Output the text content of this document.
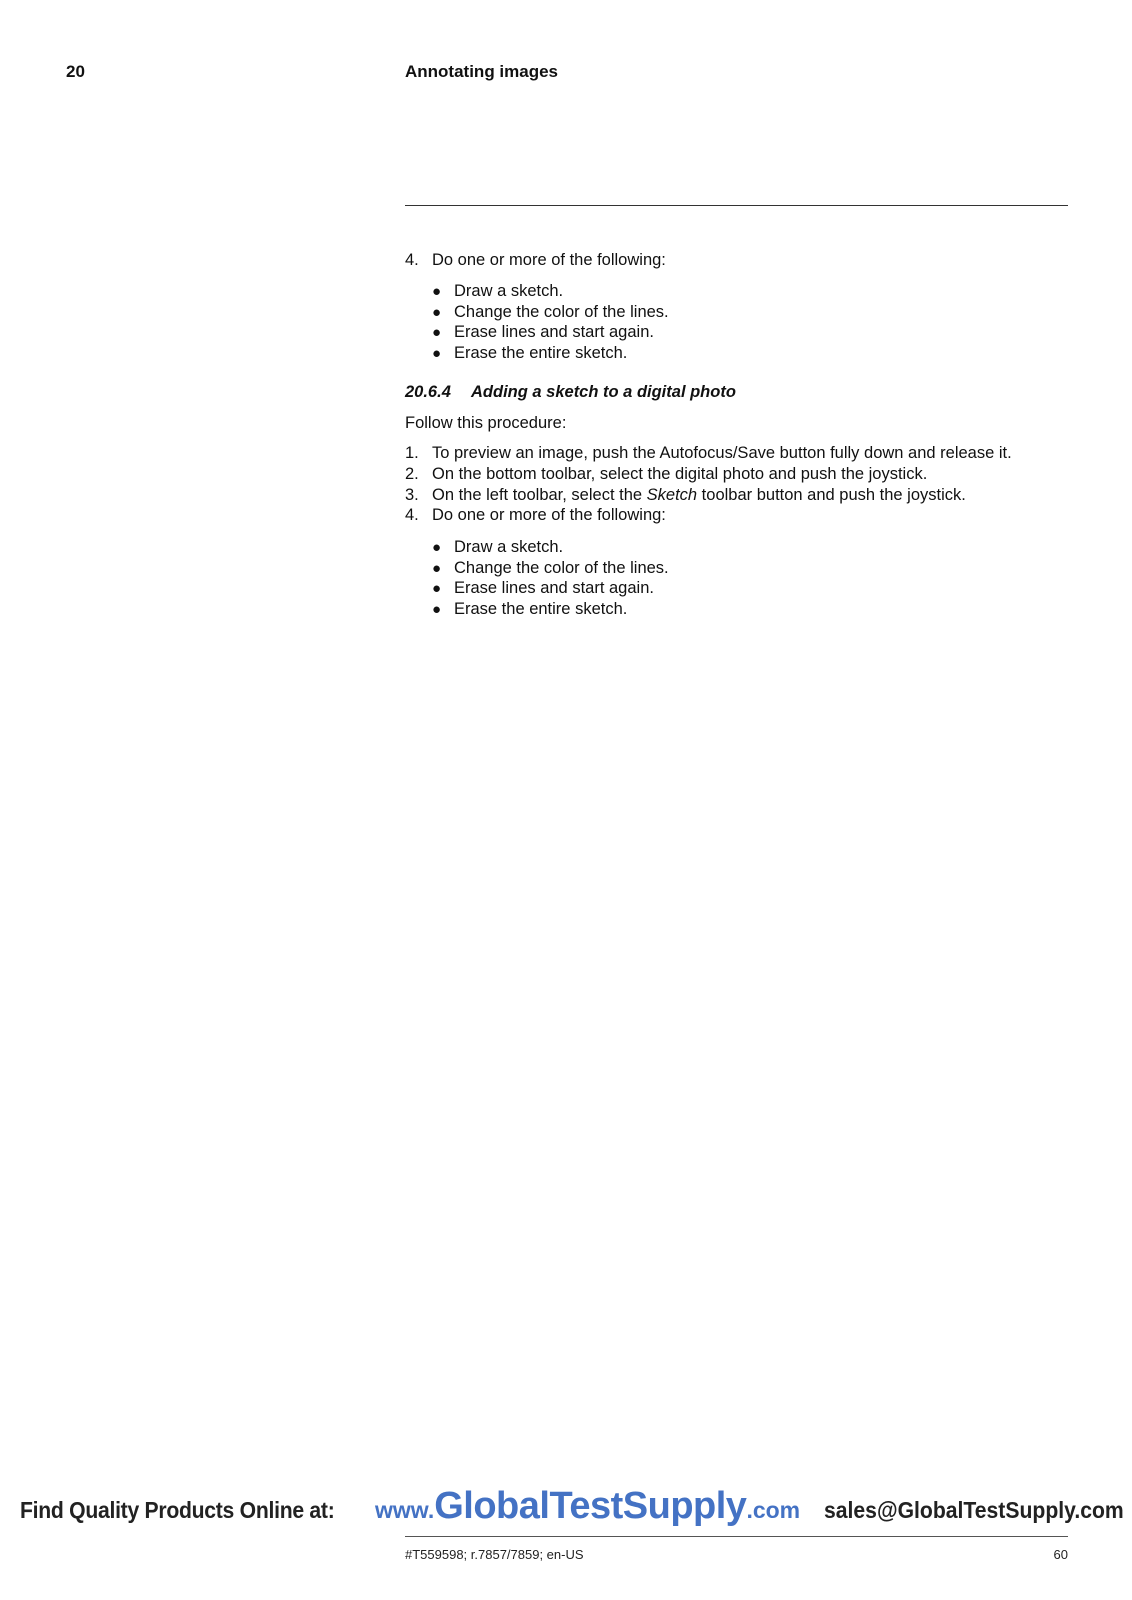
20	Annotating images
4. Do one or more of the following:
● Draw a sketch.
● Change the color of the lines.
● Erase lines and start again.
● Erase the entire sketch.
20.6.4 Adding a sketch to a digital photo
Follow this procedure:
1. To preview an image, push the Autofocus/Save button fully down and release it.
2. On the bottom toolbar, select the digital photo and push the joystick.
3. On the left toolbar, select the Sketch toolbar button and push the joystick.
4. Do one or more of the following:
● Draw a sketch.
● Change the color of the lines.
● Erase lines and start again.
● Erase the entire sketch.
Find Quality Products Online at: www.GlobalTestSupply.com sales@GlobalTestSupply.com
#T559598; r.7857/7859; en-US	60
